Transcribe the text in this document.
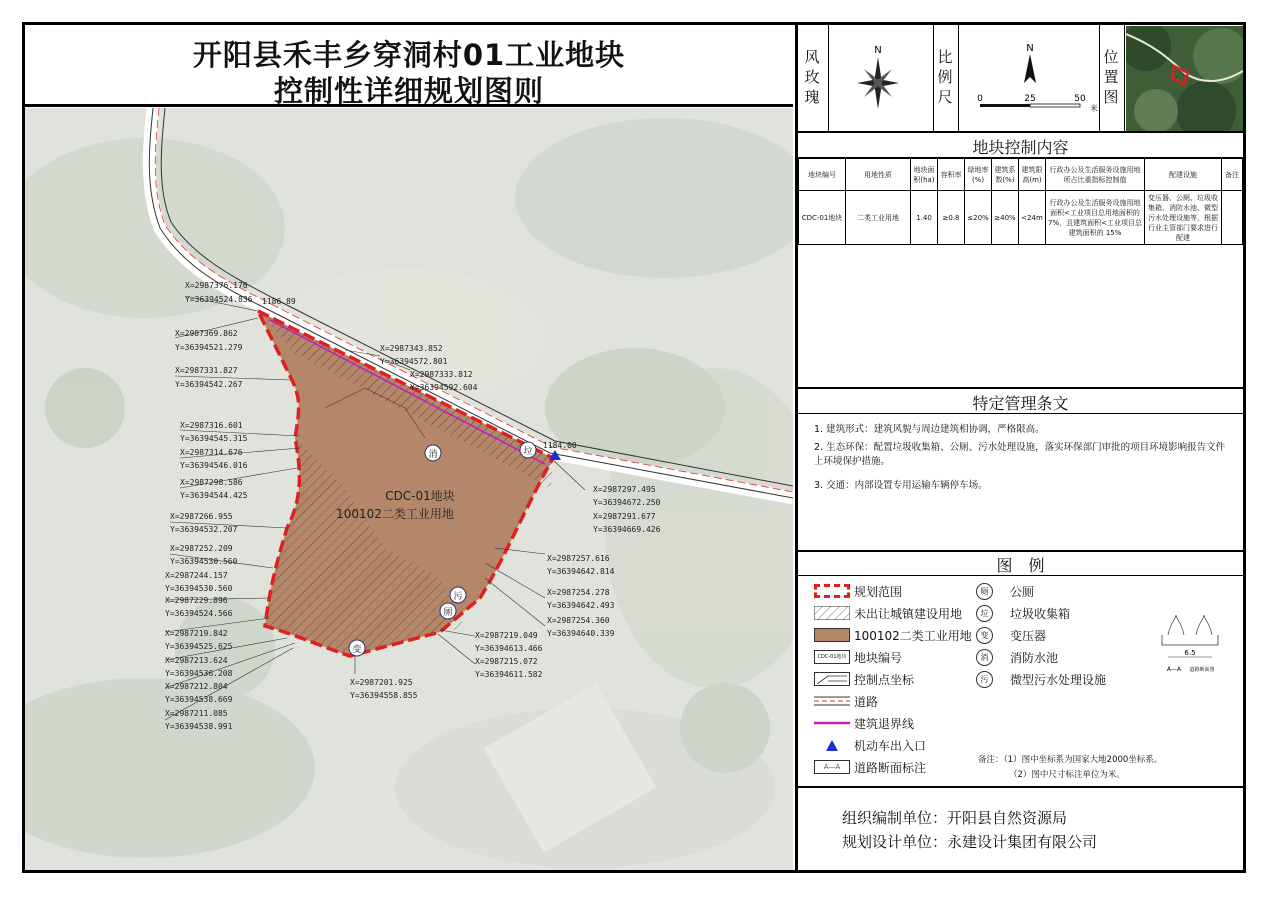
开阳县禾丰乡穿洞村01工业地块
控制性详细规划图则
1186.89
1184.00
CDC-01地块
100102二类工业用地
消	垃
污
厕
变
X=2987376.176
Y=36394524.836
X=2987369.862
Y=36394521.279
X=2987331.827
Y=36394542.267
X=2987316.601
Y=36394545.315
X=2987314.676
Y=36394546.016
X=2987298.586
Y=36394544.425
X=2987266.955
Y=36394532.207
X=2987252.209
Y=36394530.560
X=2987244.157
Y=36394530.560
X=2987229.896
Y=36394524.566
X=2987219.842
Y=36394525.625
X=2987213.624
Y=36394536.208
X=2987212.804
Y=36394538.669
X=2987211.085
Y=36394538.991
X=2987201.925
Y=36394558.855
X=2987343.852
Y=36394572.801
X=2987333.812
Y=36394592.604
X=2987297.495
Y=36394672.250
X=2987291.677
Y=36394669.426
X=2987257.616
Y=36394642.814
X=2987254.278
Y=36394642.493
X=2987254.360
Y=36394640.339
X=2987219.049
Y=36394613.466
X=2987215.072
Y=36394611.582
风玫瑰
N	比例尺
N
0	25	50
米
位置图
地块控制内容
地块编号	用地性质	地块面积(ha)	容积率	绿地率(%)	建筑系数(%)	建筑限高(m)	行政办公及生活服务设施用地所占比重指标控制值	配建设施	备注
CDC-01地块	二类工业用地	1.40	≥0.8	≤20%	≥40%	<24m	行政办公及生活服务设施用地面积<工业项目总用地面积的 7%，且建筑面积<工业项目总建筑面积的 15%	变压器、公厕、垃圾收集箱、消防水池、微型污水处理设施等，根据行业主管部门要求进行配建	
特定管理条文
1. 建筑形式：建筑风貌与周边建筑相协调，严格限高。
2. 生态环保：配置垃圾收集箱、公厕、污水处理设施，落实环保部门审批的项目环境影响报告文件上环境保护措施。
3. 交通：内部设置专用运输车辆停车场。
图　例
规划范围
未出让城镇建设用地
100102二类工业用地
CDC-01地块 地块编号
控制点坐标
道路
建筑退界线
机动车出入口
A—A	道路断面标注
厕	公厕
垃	垃圾收集箱
变	变压器
消	消防水池
污	微型污水处理设施
6.5
A—A 道路断面图
备注：（1）图中坐标系为国家大地2000坐标系。
（2）图中尺寸标注单位为米。
组织编制单位：开阳县自然资源局
规划设计单位：永建设计集团有限公司
